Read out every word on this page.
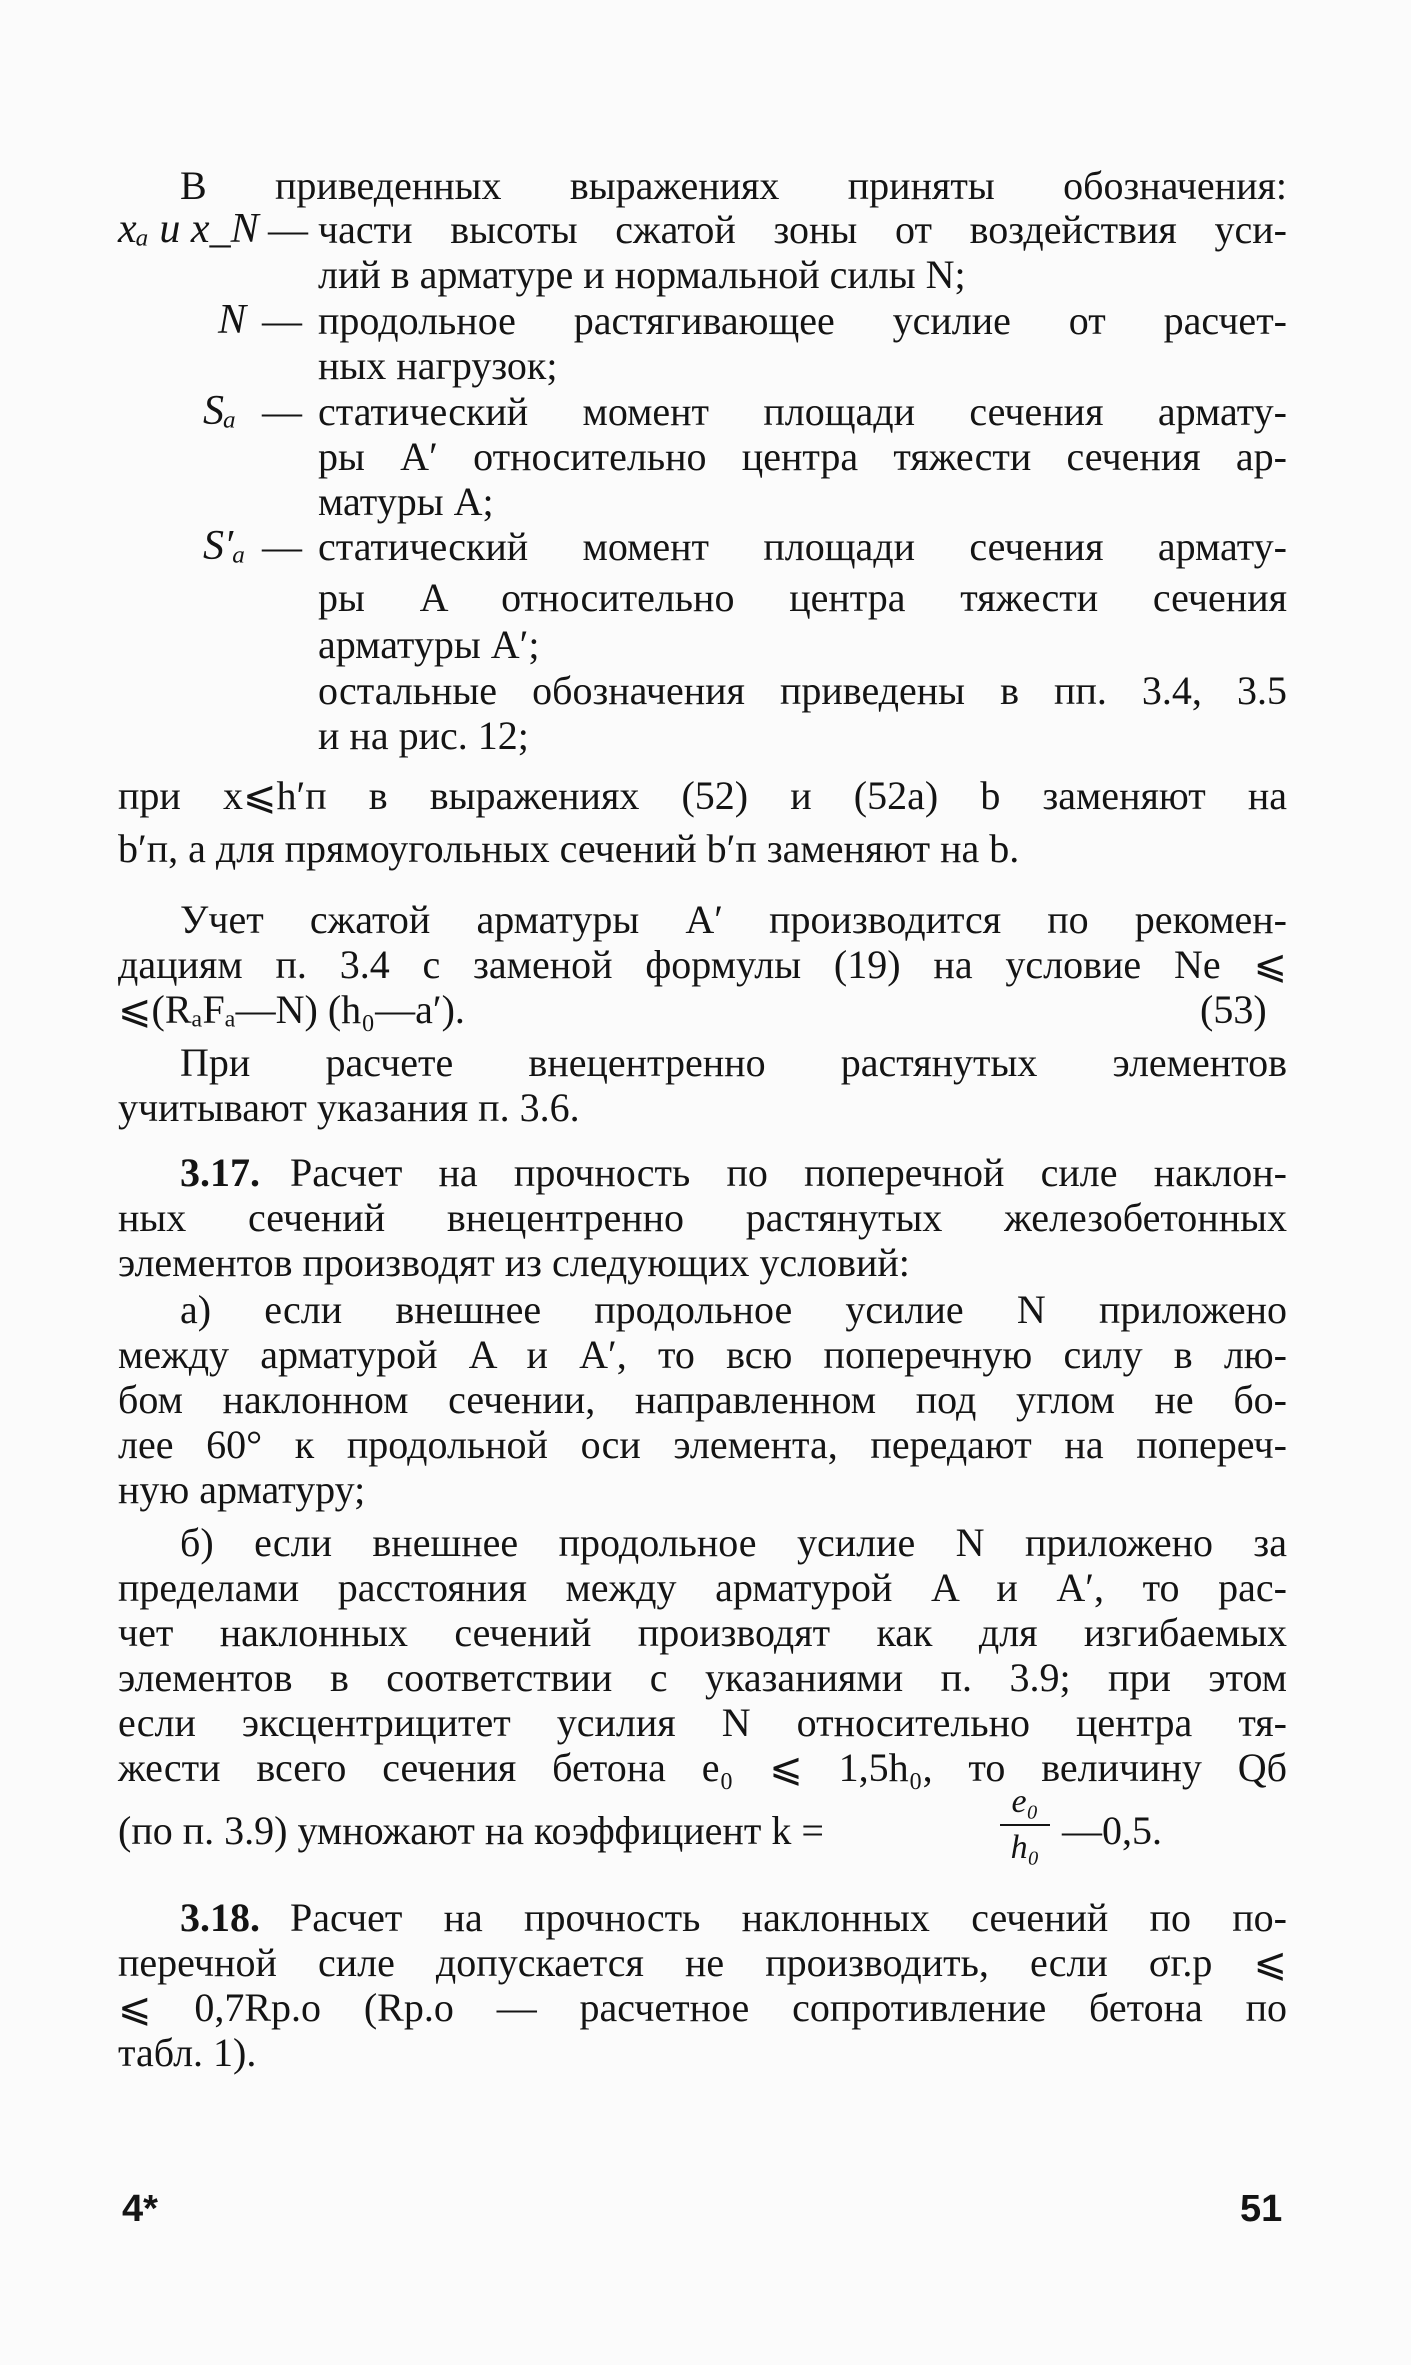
В приведенных выражениях приняты обозначения:
xₐ и x_N — части высоты сжатой зоны от воздействия уси-
лий в арматуре и нормальной силы N;
N — продольное растягивающее усилие от расчет-
ных нагрузок;
Sₐ — статический момент площади сечения армату-
ры A′ относительно центра тяжести сечения ар-
матуры A;
S′ₐ — статический момент площади сечения армату-
ры A относительно центра тяжести сечения
арматуры A′;
остальные обозначения приведены в пп. 3.4, 3.5
и на рис. 12;
при x⩽h′п в выражениях (52) и (52а) b заменяют на
b′п, а для прямоугольных сечений b′п заменяют на b.
Учет сжатой арматуры A′ производится по рекомен-
дациям п. 3.4 с заменой формулы (19) на условие Ne ⩽
⩽(RₐFₐ—N) (h₀—a′).	(53)
При расчете внецентренно растянутых элементов
учитывают указания п. 3.6.
3.17. Расчет на прочность по поперечной силе наклон-
ных сечений внецентренно растянутых железобетонных
элементов производят из следующих условий:
а) если внешнее продольное усилие N приложено
между арматурой A и A′, то всю поперечную силу в лю-
бом наклонном сечении, направленном под углом не бо-
лее 60° к продольной оси элемента, передают на попереч-
ную арматуру;
б) если внешнее продольное усилие N приложено за
пределами расстояния между арматурой A и A′, то рас-
чет наклонных сечений производят как для изгибаемых
элементов в соответствии с указаниями п. 3.9; при этом
если эксцентрицитет усилия N относительно центра тя-
жести всего сечения бетона e₀ ⩽ 1,5h₀, то величину Qб
(по п. 3.9) умножают на коэффициент k =
e₀
h₀ —0,5.
3.18. Расчет на прочность наклонных сечений по по-
перечной силе допускается не производить, если σг.р ⩽
⩽ 0,7Rр.о (Rр.о — расчетное сопротивление бетона по
табл. 1).
4*	51
